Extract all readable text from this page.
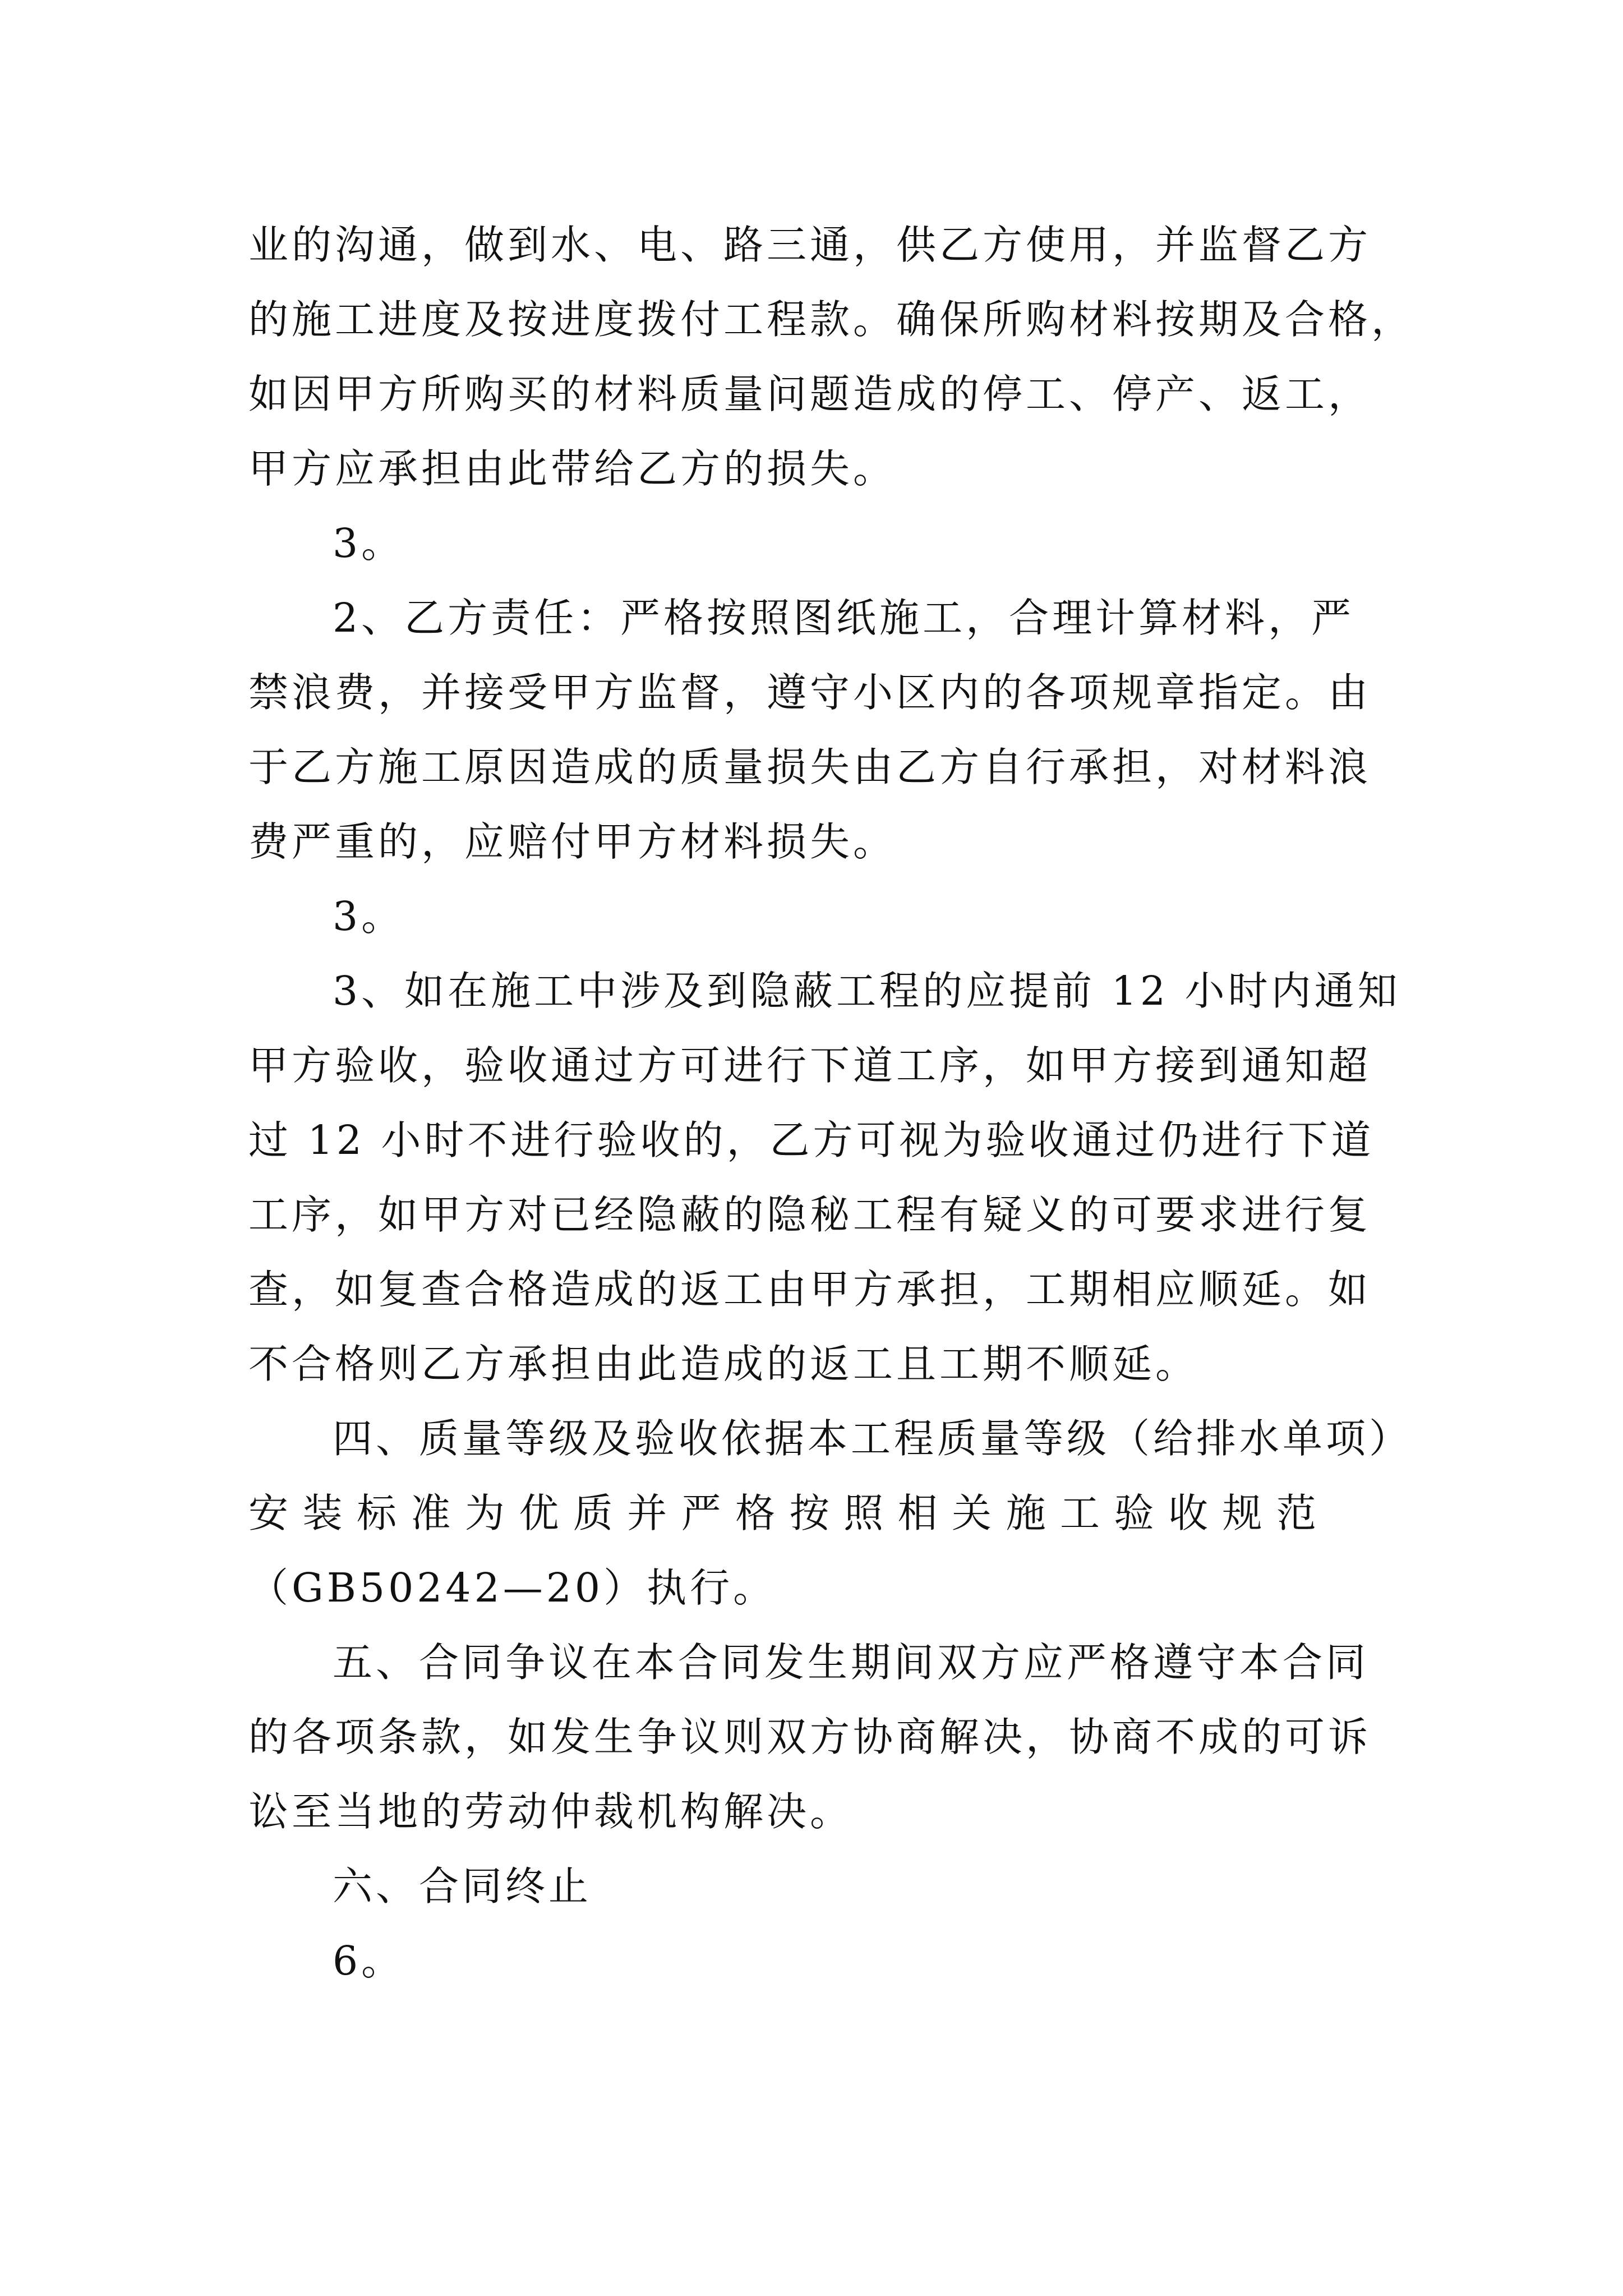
业的沟通，做到水、电、路三通，供乙方使用，并监督乙方
的施工进度及按进度拨付工程款。确保所购材料按期及合格，
如因甲方所购买的材料质量问题造成的停工、停产、返工，
甲方应承担由此带给乙方的损失。
3。
2、乙方责任：严格按照图纸施工，合理计算材料，严
禁浪费，并接受甲方监督，遵守小区内的各项规章指定。由
于乙方施工原因造成的质量损失由乙方自行承担，对材料浪
费严重的，应赔付甲方材料损失。
3。
3、如在施工中涉及到隐蔽工程的应提前 12 小时内通知
甲方验收，验收通过方可进行下道工序，如甲方接到通知超
过 12 小时不进行验收的，乙方可视为验收通过仍进行下道
工序，如甲方对已经隐蔽的隐秘工程有疑义的可要求进行复
查，如复查合格造成的返工由甲方承担，工期相应顺延。如
不合格则乙方承担由此造成的返工且工期不顺延。
四、质量等级及验收依据本工程质量等级（给排水单项）
安 装 标 准 为 优 质 并 严 格 按 照 相 关 施 工 验 收 规 范
（GB50242—20）执行。
五、合同争议在本合同发生期间双方应严格遵守本合同
的各项条款，如发生争议则双方协商解决，协商不成的可诉
讼至当地的劳动仲裁机构解决。
六、合同终止
6。
